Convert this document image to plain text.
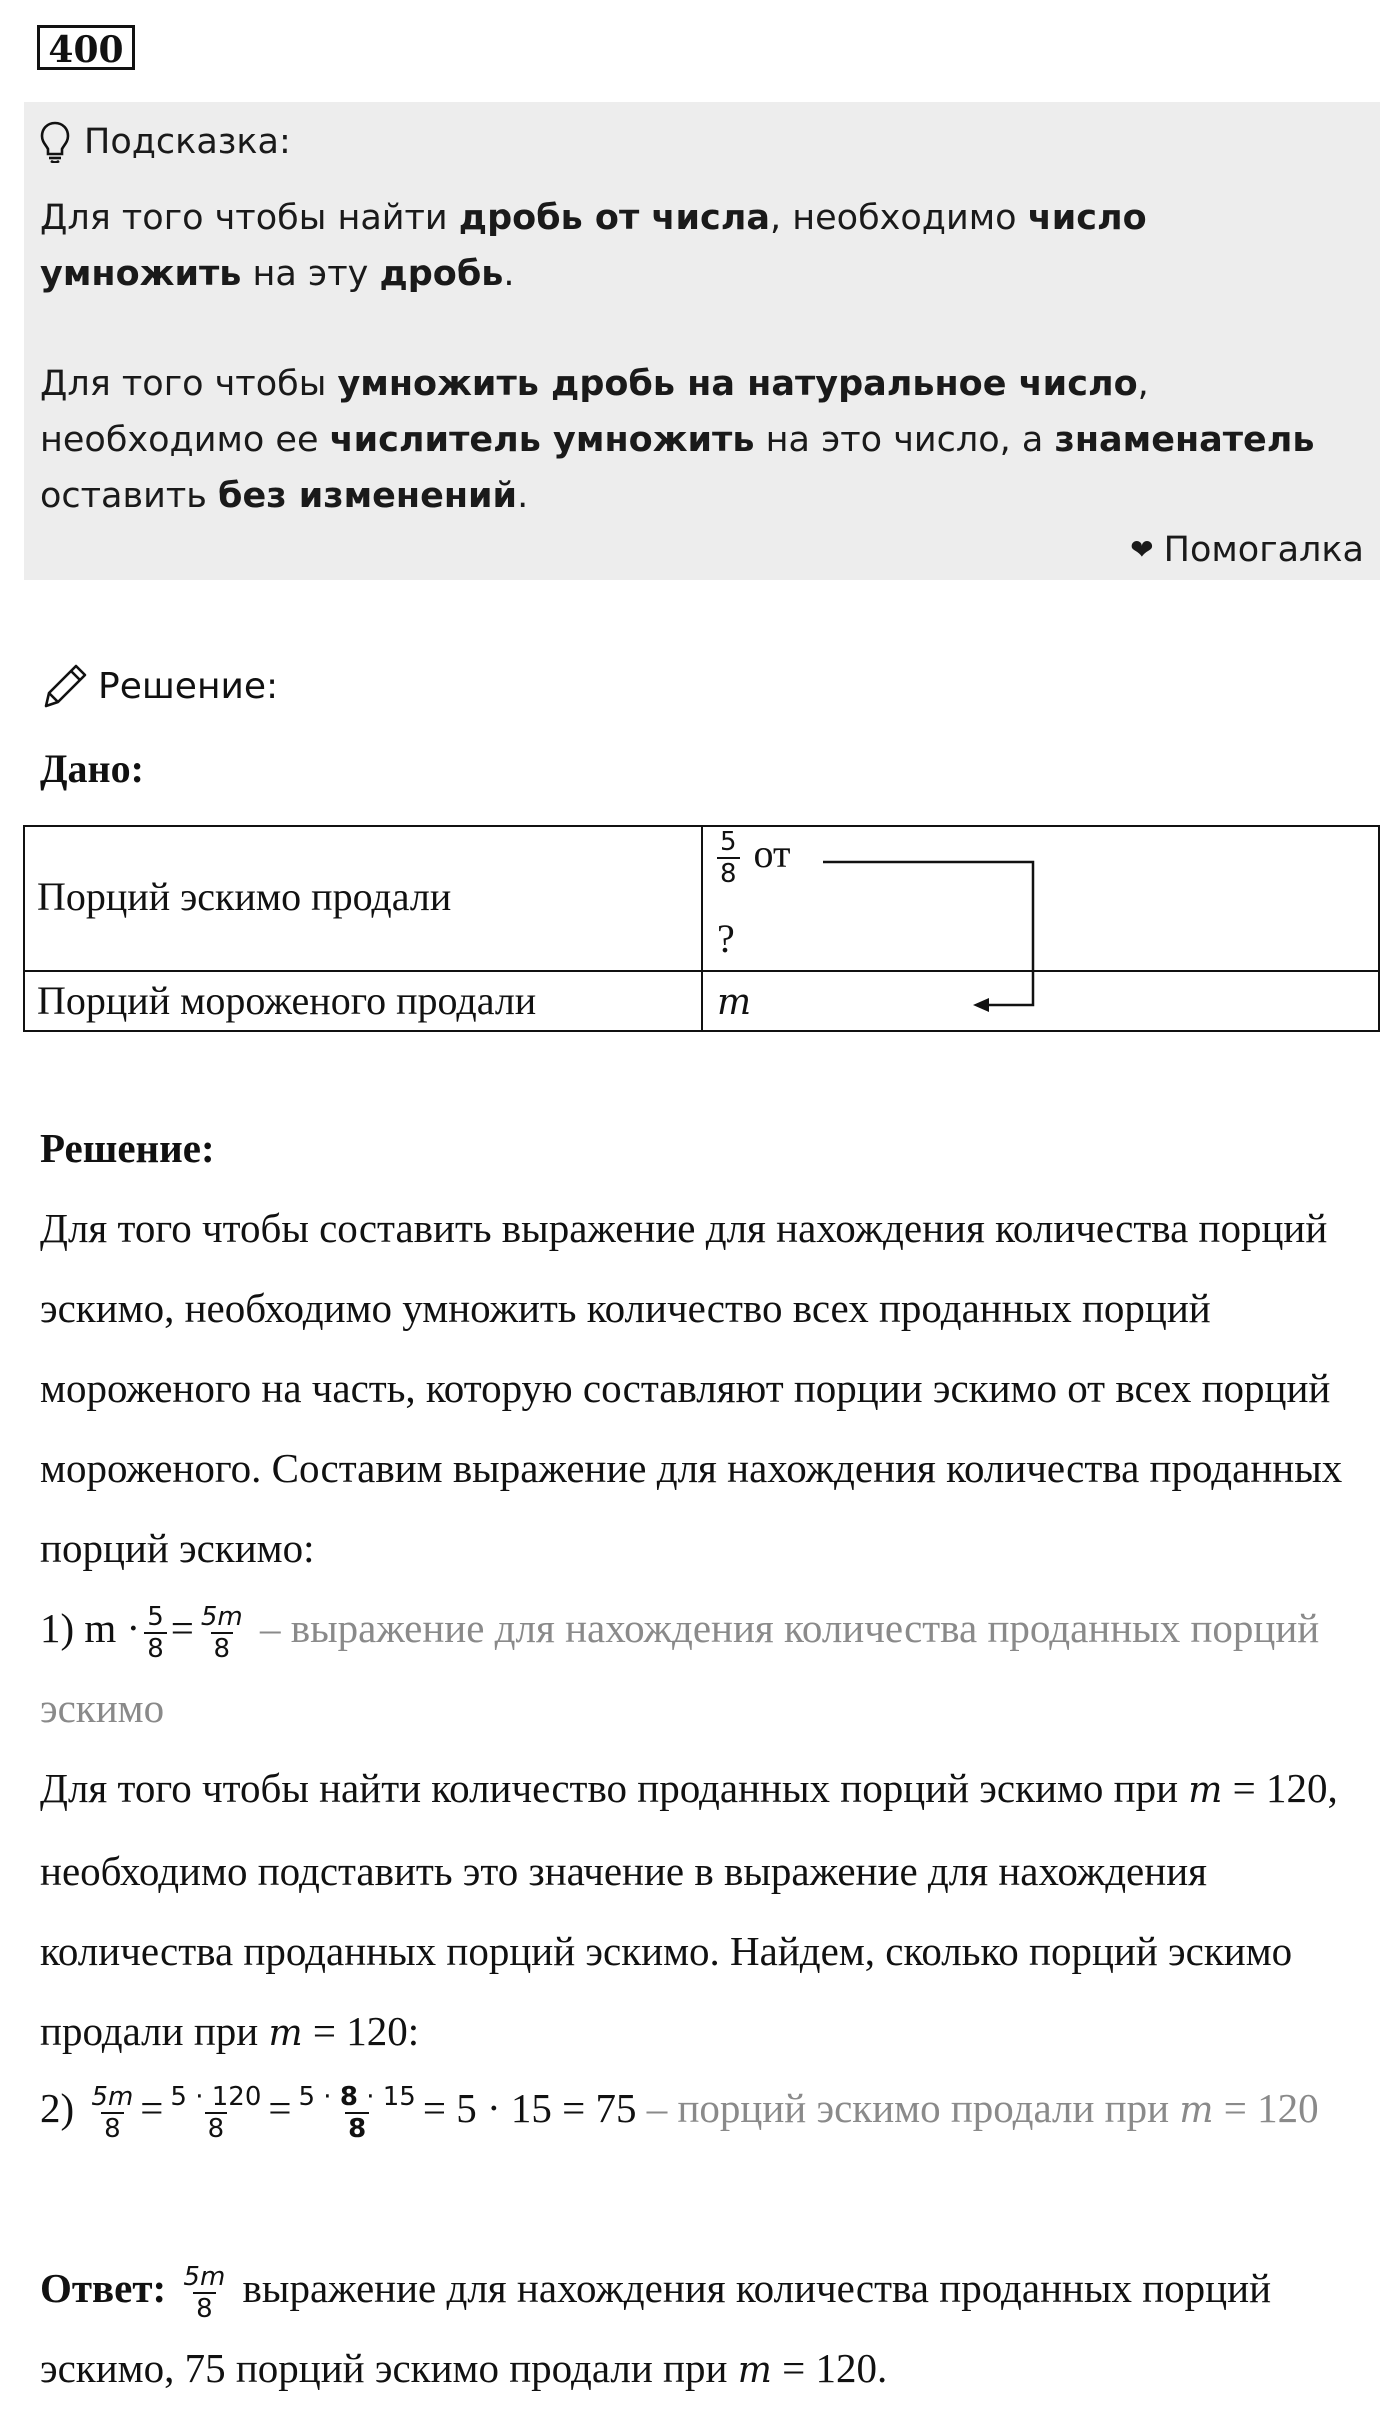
400
Подсказка:
Для того чтобы найти дробь от числа, необходимо число умножить на эту дробь.
Для того чтобы умножить дробь на натуральное число, необходимо ее числитель умножить на это число, а знаменатель оставить без изменений.
❤ Помогалка
Решение:
Дано:
Порций эскимо продали
$\frac{5}{8}$ от
?
Порций мороженого продали	m
Решение:
Для того чтобы составить выражение для нахождения количества порций эскимо, необходимо умножить количество всех проданных порций мороженого на часть, которую составляют порции эскимо от всех порций мороженого. Составим выражение для нахождения количества проданных порций эскимо:
1) $m \cdot \frac{5}{8} = \frac{5m}{8}$ – выражение для нахождения количества проданных порций эскимо
Для того чтобы найти количество проданных порций эскимо при m = 120, необходимо подставить это значение в выражение для нахождения количества проданных порций эскимо. Найдем, сколько порций эскимо продали при m = 120:
$2) \frac{5m}{8} = \frac{5 \cdot 120}{8} = \frac{5 \cdot 8 \cdot 15}{8} = 5 \cdot 15 = 75$ – порций эскимо продали при m = 120
Ответ: $\frac{5m}{8}$ выражение для нахождения количества проданных порций эскимо, 75 порций эскимо продали при m = 120.
